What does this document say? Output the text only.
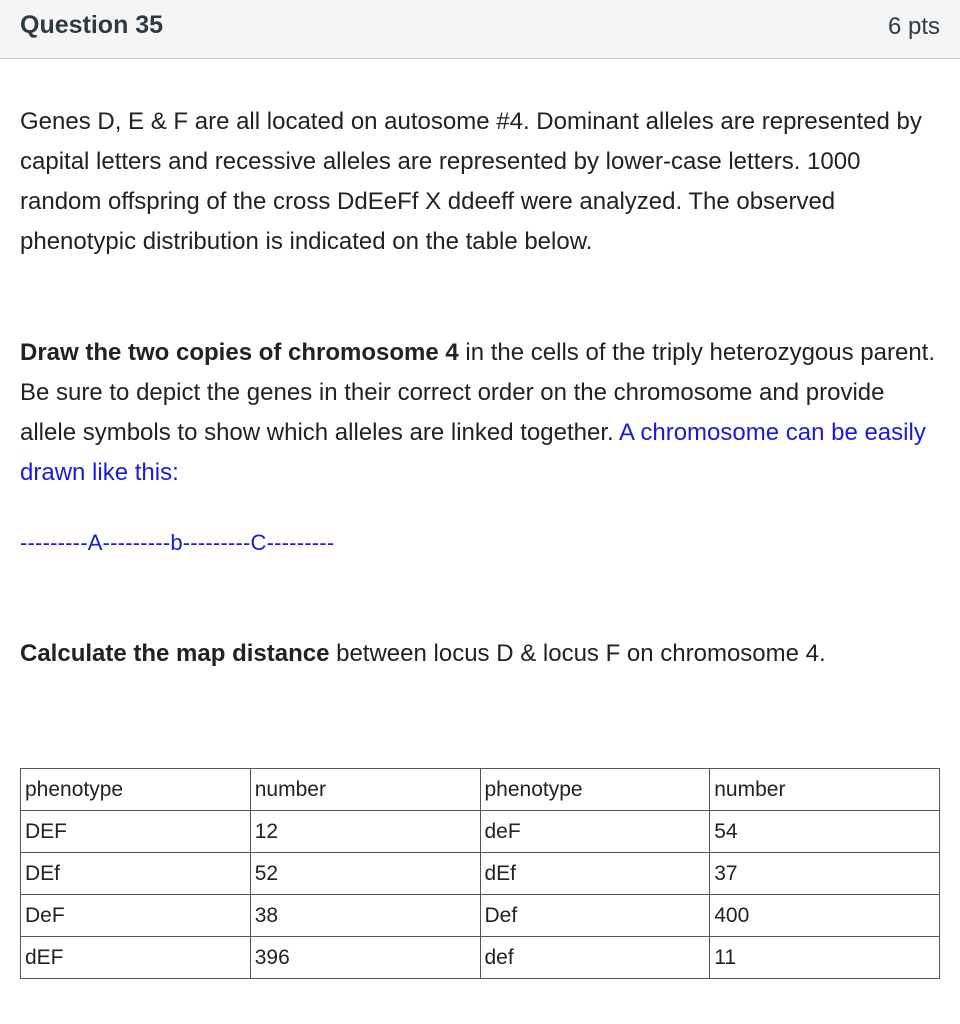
Question 35	6 pts

Genes D, E & F are all located on autosome #4. Dominant alleles are represented by capital letters and recessive alleles are represented by lower-case letters. 1000 random offspring of the cross DdEeFf X ddeeff were analyzed. The observed phenotypic distribution is indicated on the table below.

Draw the two copies of chromosome 4 in the cells of the triply heterozygous parent. Be sure to depict the genes in their correct order on the chromosome and provide allele symbols to show which alleles are linked together. A chromosome can be easily drawn like this:

---------A---------b---------C---------

Calculate the map distance between locus D & locus F on chromosome 4.

phenotype	number	phenotype	number
DEF	12	deF	54
DEf	52	dEf	37
DeF	38	Def	400
dEF	396	def	11
